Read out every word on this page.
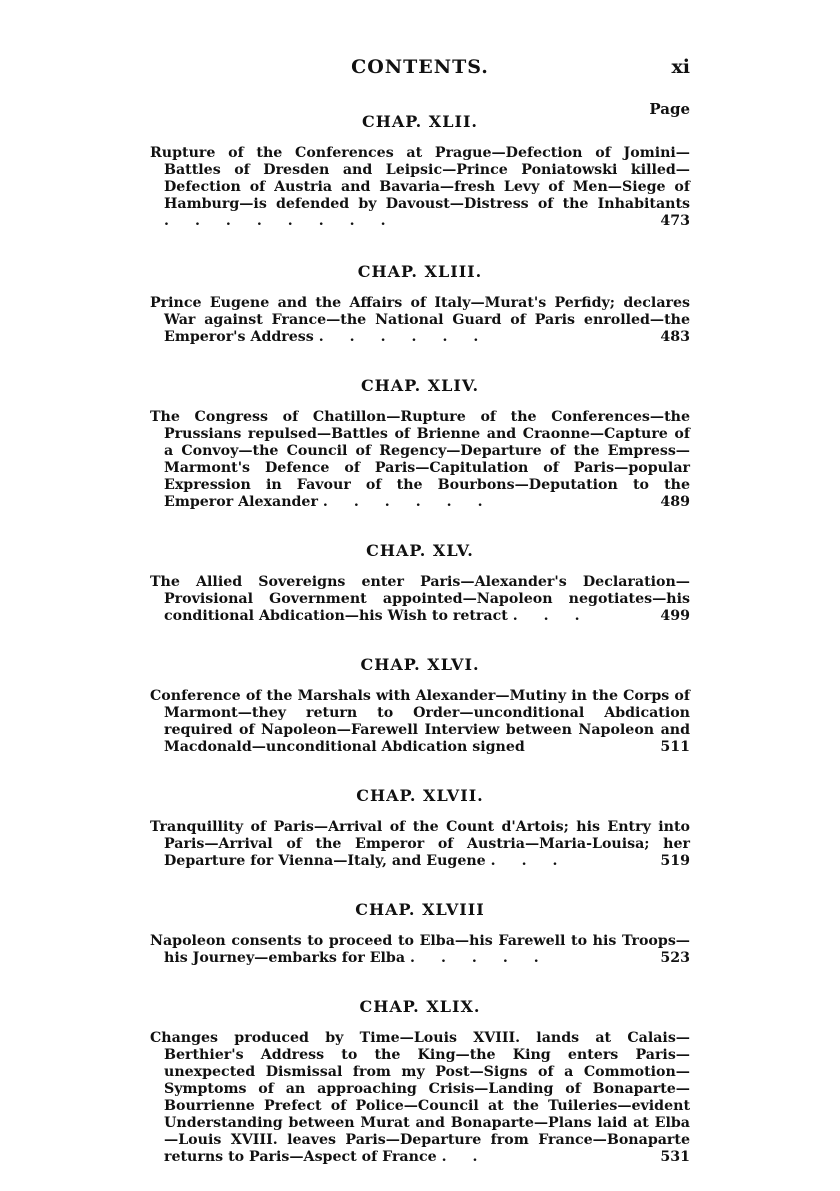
CONTENTS.	xi
Page
CHAP. XLII.
Rupture of the Conferences at Prague—Defection of Jomini—Battles of Dresden and Leipsic—Prince Poniatowski killed—Defection of Austria and Bavaria—fresh Levy of Men—Siege of Hamburg—is defended by Davoust—Distress of the Inhabitants ........	473
CHAP. XLIII.
Prince Eugene and the Affairs of Italy—Murat's Perfidy; declares War against France—the National Guard of Paris enrolled—the Emperor's Address ......	483
CHAP. XLIV.
The Congress of Chatillon—Rupture of the Conferences—the Prussians repulsed—Battles of Brienne and Craonne—Capture of a Convoy—the Council of Regency—Departure of the Empress—Marmont's Defence of Paris—Capitulation of Paris—popular Expression in Favour of the Bourbons—Deputation to the Emperor Alexander ......	489
CHAP. XLV.
The Allied Sovereigns enter Paris—Alexander's Declaration—Provisional Government appointed—Napoleon negotiates—his conditional Abdication—his Wish to retract ...	499
CHAP. XLVI.
Conference of the Marshals with Alexander—Mutiny in the Corps of Marmont—they return to Order—unconditional Abdication required of Napoleon—Farewell Interview between Napoleon and Macdonald—unconditional Abdication signed	511
CHAP. XLVII.
Tranquillity of Paris—Arrival of the Count d'Artois; his Entry into Paris—Arrival of the Emperor of Austria—Maria-Louisa; her Departure for Vienna—Italy, and Eugene ...	519
CHAP. XLVIII
Napoleon consents to proceed to Elba—his Farewell to his Troops—his Journey—embarks for Elba .....	523
CHAP. XLIX.
Changes produced by Time—Louis XVIII. lands at Calais—Berthier's Address to the King—the King enters Paris—unexpected Dismissal from my Post—Signs of a Commotion—Symptoms of an approaching Crisis—Landing of Bonaparte—Bourrienne Prefect of Police—Council at the Tuileries—evident Understanding between Murat and Bonaparte—Plans laid at Elba—Louis XVIII. leaves Paris—Departure from France—Bonaparte returns to Paris—Aspect of France ..	531
